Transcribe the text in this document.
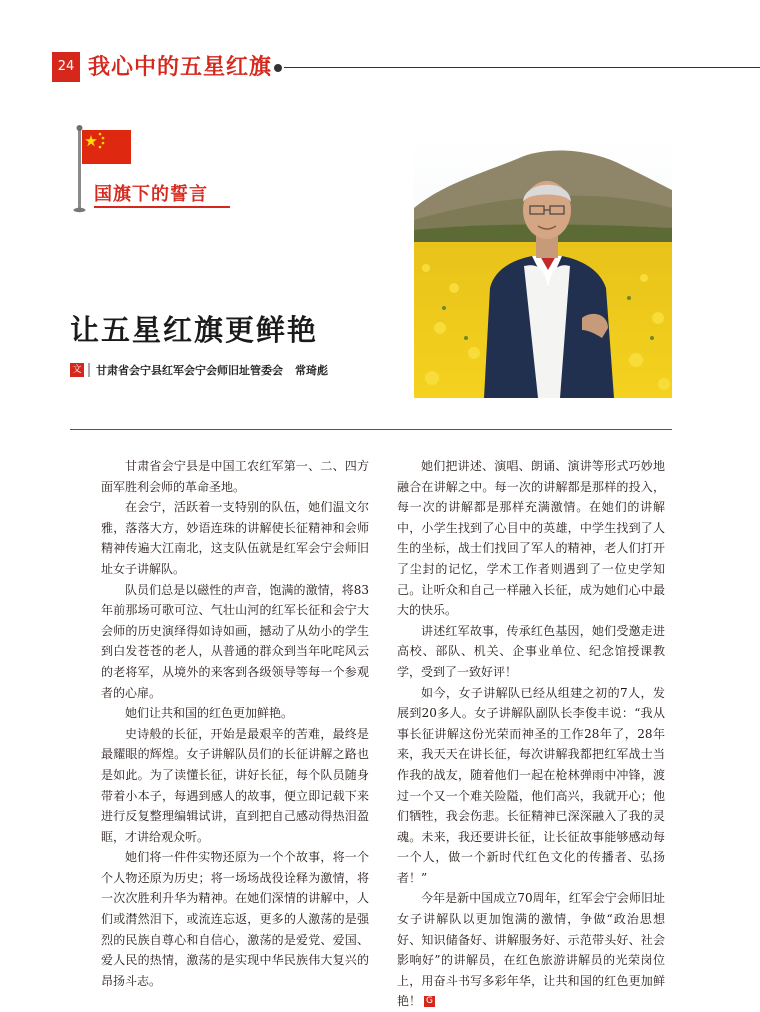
24 我心中的五星红旗
国旗下的誓言
让五星红旗更鲜艳
文 甘肃省会宁县红军会宁会师旧址管委会 常琦彪

甘肃省会宁县是中国工农红军第一、二、四方面军胜利会师的革命圣地。

在会宁，活跃着一支特别的队伍，她们温文尔雅，落落大方，妙语连珠的讲解使长征精神和会师精神传遍大江南北，这支队伍就是红军会宁会师旧址女子讲解队。

队员们总是以磁性的声音，饱满的激情，将83年前那场可歌可泣、气壮山河的红军长征和会宁大会师的历史演绎得如诗如画，撼动了从幼小的学生到白发苍苍的老人，从普通的群众到当年叱咤风云的老将军，从境外的来客到各级领导等每一个参观者的心扉。

她们让共和国的红色更加鲜艳。

史诗般的长征，开始是最艰辛的苦难，最终是最耀眼的辉煌。女子讲解队员们的长征讲解之路也是如此。为了读懂长征，讲好长征，每个队员随身带着小本子，每遇到感人的故事，便立即记载下来进行反复整理编辑试讲，直到把自己感动得热泪盈眶，才讲给观众听。

她们将一件件实物还原为一个个故事，将一个个人物还原为历史；将一场场战役诠释为激情，将一次次胜利升华为精神。在她们深情的讲解中，人们或潸然泪下，或流连忘返，更多的人激荡的是强烈的民族自尊心和自信心，激荡的是爱党、爱国、爱人民的热情，激荡的是实现中华民族伟大复兴的昂扬斗志。

她们把讲述、演唱、朗诵、演讲等形式巧妙地融合在讲解之中。每一次的讲解都是那样的投入，每一次的讲解都是那样充满激情。在她们的讲解中，小学生找到了心目中的英雄，中学生找到了人生的坐标，战士们找回了军人的精神，老人们打开了尘封的记忆，学术工作者则遇到了一位史学知己。让听众和自己一样融入长征，成为她们心中最大的快乐。

讲述红军故事，传承红色基因，她们受邀走进高校、部队、机关、企事业单位、纪念馆授课教学，受到了一致好评！

如今，女子讲解队已经从组建之初的7人，发展到20多人。女子讲解队副队长李俊丰说：“我从事长征讲解这份光荣而神圣的工作28年了，28年来，我天天在讲长征，每次讲解我都把红军战士当作我的战友，随着他们一起在枪林弹雨中冲锋，渡过一个又一个难关险隘，他们高兴，我就开心；他们牺牲，我会伤悲。长征精神已深深融入了我的灵魂。未来，我还要讲长征，让长征故事能够感动每一个人，做一个新时代红色文化的传播者、弘扬者！”

今年是新中国成立70周年，红军会宁会师旧址女子讲解队以更加饱满的激情，争做“政治思想好、知识储备好、讲解服务好、示范带头好、社会影响好”的讲解员，在红色旅游讲解员的光荣岗位上，用奋斗书写多彩年华，让共和国的红色更加鲜艳！ G
